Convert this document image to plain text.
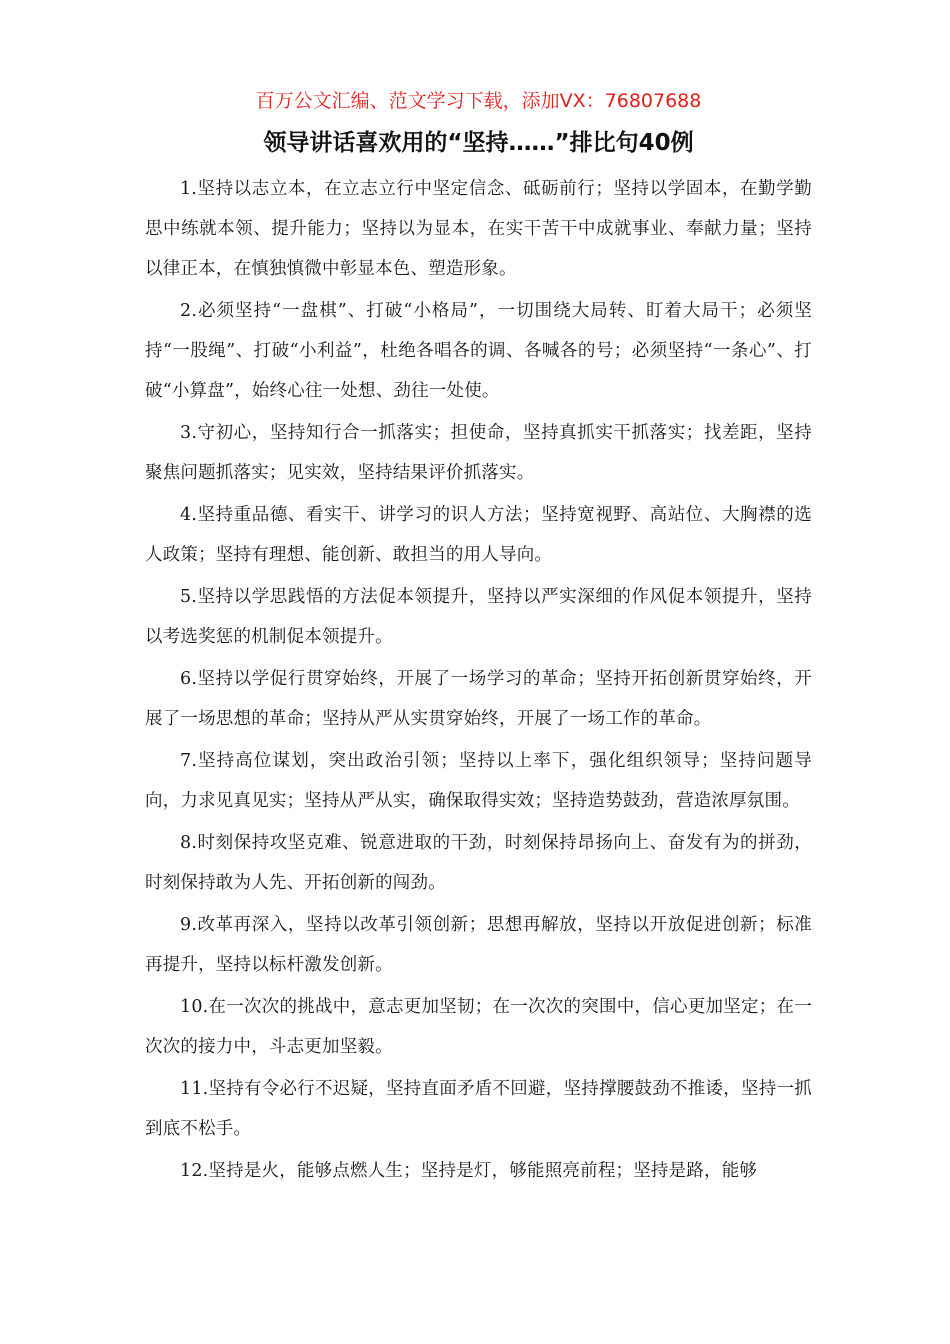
百万公文汇编、范文学习下载，添加VX：76807688
领导讲话喜欢用的“坚持……”排比句40例

1.坚持以志立本，在立志立行中坚定信念、砥砺前行；坚持以学固本，在勤学勤思中练就本领、提升能力；坚持以为显本，在实干苦干中成就事业、奉献力量；坚持以律正本，在慎独慎微中彰显本色、塑造形象。

2.必须坚持“一盘棋”、打破“小格局”，一切围绕大局转、盯着大局干；必须坚持“一股绳”、打破“小利益”，杜绝各唱各的调、各喊各的号；必须坚持“一条心”、打破“小算盘”，始终心往一处想、劲往一处使。

3.守初心，坚持知行合一抓落实；担使命，坚持真抓实干抓落实；找差距，坚持聚焦问题抓落实；见实效，坚持结果评价抓落实。

4.坚持重品德、看实干、讲学习的识人方法；坚持宽视野、高站位、大胸襟的选人政策；坚持有理想、能创新、敢担当的用人导向。

5.坚持以学思践悟的方法促本领提升，坚持以严实深细的作风促本领提升，坚持以考选奖惩的机制促本领提升。

6.坚持以学促行贯穿始终，开展了一场学习的革命；坚持开拓创新贯穿始终，开展了一场思想的革命；坚持从严从实贯穿始终，开展了一场工作的革命。

7.坚持高位谋划，突出政治引领；坚持以上率下，强化组织领导；坚持问题导向，力求见真见实；坚持从严从实，确保取得实效；坚持造势鼓劲，营造浓厚氛围。

8.时刻保持攻坚克难、锐意进取的干劲，时刻保持昂扬向上、奋发有为的拼劲，时刻保持敢为人先、开拓创新的闯劲。

9.改革再深入，坚持以改革引领创新；思想再解放，坚持以开放促进创新；标准再提升，坚持以标杆激发创新。

10.在一次次的挑战中，意志更加坚韧；在一次次的突围中，信心更加坚定；在一次次的接力中，斗志更加坚毅。

11.坚持有令必行不迟疑，坚持直面矛盾不回避，坚持撑腰鼓劲不推诿，坚持一抓到底不松手。

12.坚持是火，能够点燃人生；坚持是灯，够能照亮前程；坚持是路，能够
